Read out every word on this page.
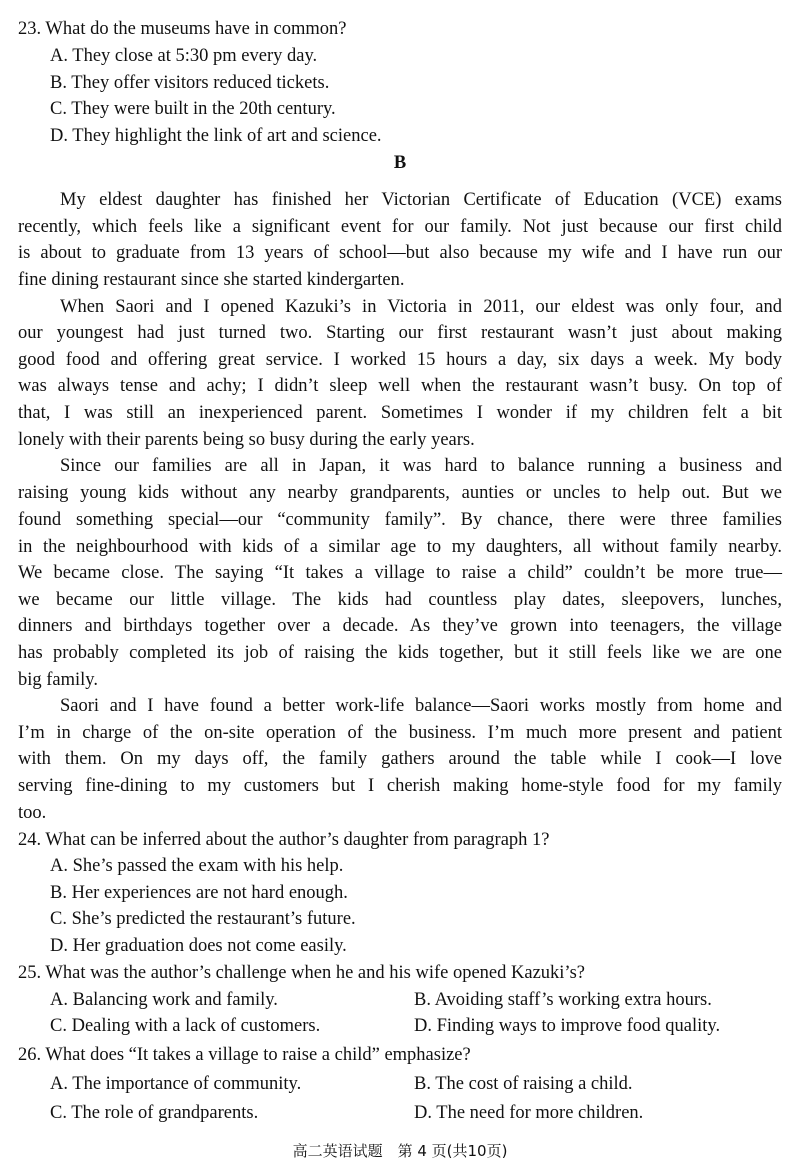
23. What do the museums have in common?
A. They close at 5:30 pm every day.
B. They offer visitors reduced tickets.
C. They were built in the 20th century.
D. They highlight the link of art and science.
B
My eldest daughter has finished her Victorian Certificate of Education (VCE) exams
recently, which feels like a significant event for our family. Not just because our first child
is about to graduate from 13 years of school—but also because my wife and I have run our
fine dining restaurant since she started kindergarten.
When Saori and I opened Kazuki’s in Victoria in 2011, our eldest was only four, and
our youngest had just turned two. Starting our first restaurant wasn’t just about making
good food and offering great service. I worked 15 hours a day, six days a week. My body
was always tense and achy; I didn’t sleep well when the restaurant wasn’t busy. On top of
that, I was still an inexperienced parent. Sometimes I wonder if my children felt a bit
lonely with their parents being so busy during the early years.
Since our families are all in Japan, it was hard to balance running a business and
raising young kids without any nearby grandparents, aunties or uncles to help out. But we
found something special—our “community family”. By chance, there were three families
in the neighbourhood with kids of a similar age to my daughters, all without family nearby.
We became close. The saying “It takes a village to raise a child” couldn’t be more true—
we became our little village. The kids had countless play dates, sleepovers, lunches,
dinners and birthdays together over a decade. As they’ve grown into teenagers, the village
has probably completed its job of raising the kids together, but it still feels like we are one
big family.
Saori and I have found a better work-life balance—Saori works mostly from home and
I’m in charge of the on-site operation of the business. I’m much more present and patient
with them. On my days off, the family gathers around the table while I cook—I love
serving fine-dining to my customers but I cherish making home-style food for my family
too.
24. What can be inferred about the author’s daughter from paragraph 1?
A. She’s passed the exam with his help.
B. Her experiences are not hard enough.
C. She’s predicted the restaurant’s future.
D. Her graduation does not come easily.
25. What was the author’s challenge when he and his wife opened Kazuki’s?
A. Balancing work and family.	B. Avoiding staff’s working extra hours.
C. Dealing with a lack of customers.	D. Finding ways to improve food quality.
26. What does “It takes a village to raise a child” emphasize?
A. The importance of community.	B. The cost of raising a child.
C. The role of grandparents.	D. The need for more children.
高二英语试题　第 4 页(共10页)
